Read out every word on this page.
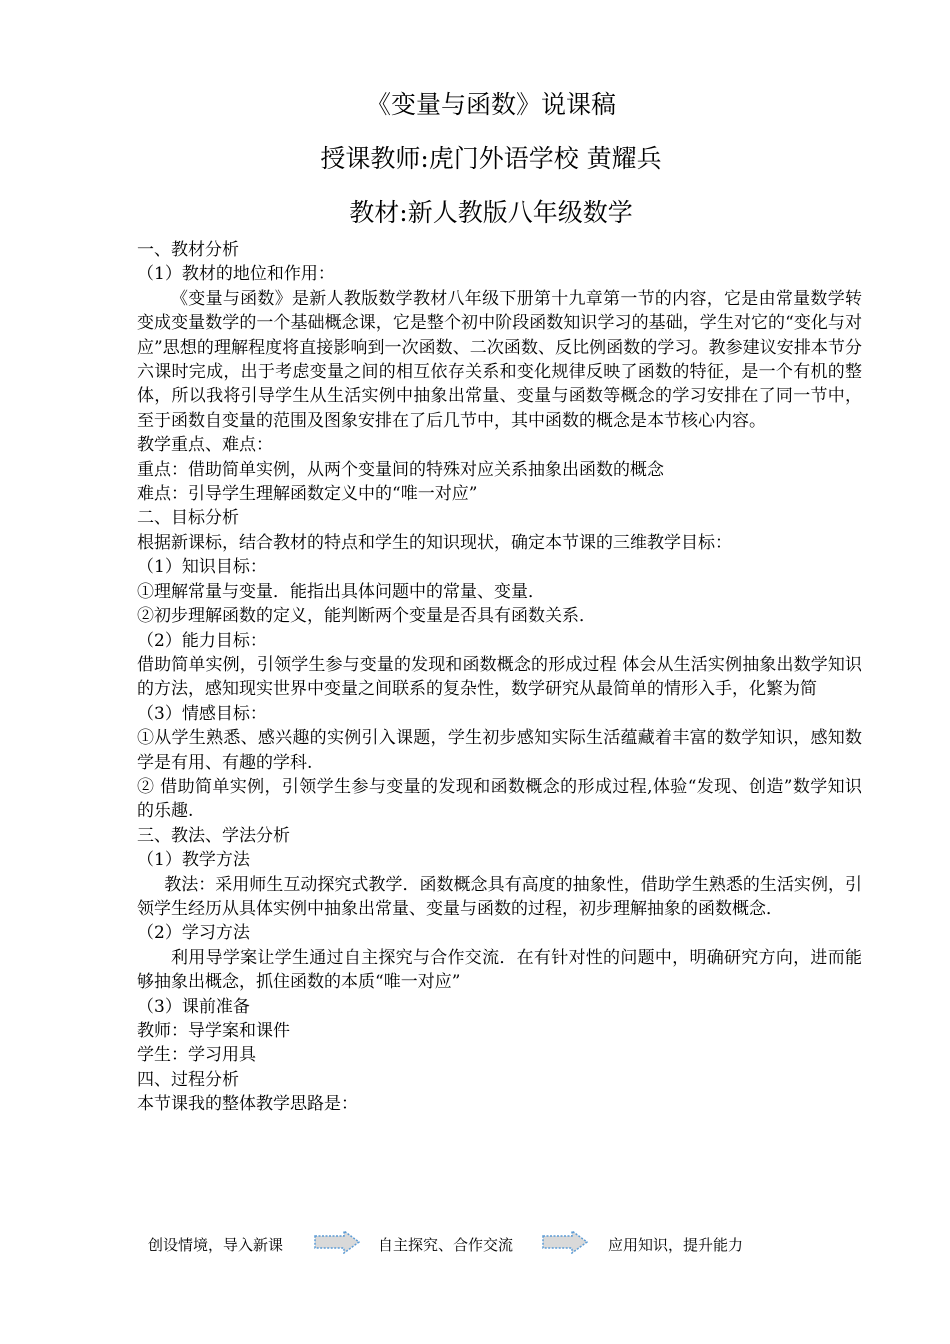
《变量与函数》说课稿
授课教师:虎门外语学校 黄耀兵
教材:新人教版八年级数学

一、教材分析

（1）教材的地位和作用：

《变量与函数》是新人教版数学教材八年级下册第十九章第一节的内容，它是由常量数学转变成变量数学的一个基础概念课，它是整个初中阶段函数知识学习的基础，学生对它的“变化与对应”思想的理解程度将直接影响到一次函数、二次函数、反比例函数的学习。教参建议安排本节分六课时完成，出于考虑变量之间的相互依存关系和变化规律反映了函数的特征，是一个有机的整体，所以我将引导学生从生活实例中抽象出常量、变量与函数等概念的学习安排在了同一节中，至于函数自变量的范围及图象安排在了后几节中，其中函数的概念是本节核心内容。

教学重点、难点：

重点：借助简单实例，从两个变量间的特殊对应关系抽象出函数的概念

难点：引导学生理解函数定义中的“唯一对应”

二、目标分析

根据新课标，结合教材的特点和学生的知识现状，确定本节课的三维教学目标：

（1）知识目标：

①理解常量与变量．能指出具体问题中的常量、变量．

②初步理解函数的定义，能判断两个变量是否具有函数关系．

（2）能力目标：

借助简单实例，引领学生参与变量的发现和函数概念的形成过程 体会从生活实例抽象出数学知识的方法，感知现实世界中变量之间联系的复杂性，数学研究从最简单的情形入手，化繁为简

（3）情感目标：

①从学生熟悉、感兴趣的实例引入课题，学生初步感知实际生活蕴藏着丰富的数学知识，感知数学是有用、有趣的学科.

② 借助简单实例，引领学生参与变量的发现和函数概念的形成过程,体验“发现、创造”数学知识的乐趣.

三、教法、学法分析

（1）教学方法

教法：采用师生互动探究式教学．函数概念具有高度的抽象性，借助学生熟悉的生活实例，引领学生经历从具体实例中抽象出常量、变量与函数的过程，初步理解抽象的函数概念．

（2）学习方法

利用导学案让学生通过自主探究与合作交流．在有针对性的问题中，明确研究方向，进而能够抽象出概念，抓住函数的本质“唯一对应”

（3）课前准备

教师：导学案和课件

学生：学习用具

四、过程分析

本节课我的整体教学思路是：

创设情境，导入新课	自主探究、合作交流	应用知识，提升能力
